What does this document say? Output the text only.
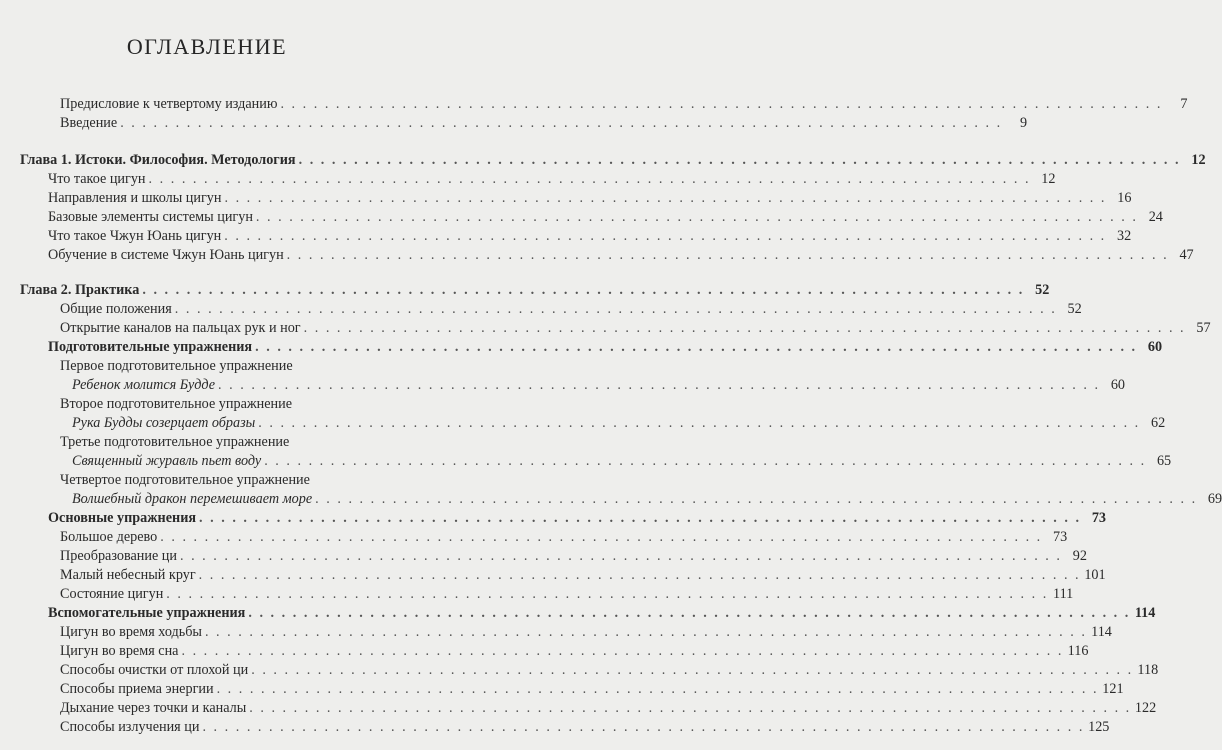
ОГЛАВЛЕНИЕ
Предисловие к четвертому изданию . . . . . . . . . . . . . . . . . . . . . . . . . . . . . . . . . . . . . . . . . . . . . . . . . . . . . . . . . . . . . . . . . . . . . . . . . . . . . . . .	7
Введение . . . . . . . . . . . . . . . . . . . . . . . . . . . . . . . . . . . . . . . . . . . . . . . . . . . . . . . . . . . . . . . . . . . . . . . . . . . . . . . .	9
Глава 1. Истоки. Философия. Методология . . . . . . . . . . . . . . . . . . . . . . . . . . . . . . . . . . . . . . . . . . . . . . . . . . . . . . . . . . . . . . . . . . . . . . . . . . . . . . . . 12
Что такое цигун . . . . . . . . . . . . . . . . . . . . . . . . . . . . . . . . . . . . . . . . . . . . . . . . . . . . . . . . . . . . . . . . . . . . . . . . . . . . . . . . 12
Направления и школы цигун . . . . . . . . . . . . . . . . . . . . . . . . . . . . . . . . . . . . . . . . . . . . . . . . . . . . . . . . . . . . . . . . . . . . . . . . . . . . . . . . 16
Базовые элементы системы цигун . . . . . . . . . . . . . . . . . . . . . . . . . . . . . . . . . . . . . . . . . . . . . . . . . . . . . . . . . . . . . . . . . . . . . . . . . . . . . . . . 24
Что такое Чжун Юань цигун . . . . . . . . . . . . . . . . . . . . . . . . . . . . . . . . . . . . . . . . . . . . . . . . . . . . . . . . . . . . . . . . . . . . . . . . . . . . . . . . 32
Обучение в системе Чжун Юань цигун . . . . . . . . . . . . . . . . . . . . . . . . . . . . . . . . . . . . . . . . . . . . . . . . . . . . . . . . . . . . . . . . . . . . . . . . . . . . . . . . 47
Глава 2. Практика . . . . . . . . . . . . . . . . . . . . . . . . . . . . . . . . . . . . . . . . . . . . . . . . . . . . . . . . . . . . . . . . . . . . . . . . . . . . . . . . 52
Общие положения . . . . . . . . . . . . . . . . . . . . . . . . . . . . . . . . . . . . . . . . . . . . . . . . . . . . . . . . . . . . . . . . . . . . . . . . . . . . . . . . 52
Открытие каналов на пальцах рук и ног . . . . . . . . . . . . . . . . . . . . . . . . . . . . . . . . . . . . . . . . . . . . . . . . . . . . . . . . . . . . . . . . . . . . . . . . . . . . . . . . 57
Подготовительные упражнения . . . . . . . . . . . . . . . . . . . . . . . . . . . . . . . . . . . . . . . . . . . . . . . . . . . . . . . . . . . . . . . . . . . . . . . . . . . . . . . . 60
Первое подготовительное упражнение
Ребенок молится Будде . . . . . . . . . . . . . . . . . . . . . . . . . . . . . . . . . . . . . . . . . . . . . . . . . . . . . . . . . . . . . . . . . . . . . . . . . . . . . . . . 60
Второе подготовительное упражнение
Рука Будды созерцает образы . . . . . . . . . . . . . . . . . . . . . . . . . . . . . . . . . . . . . . . . . . . . . . . . . . . . . . . . . . . . . . . . . . . . . . . . . . . . . . . . 62
Третье подготовительное упражнение
Священный журавль пьет воду . . . . . . . . . . . . . . . . . . . . . . . . . . . . . . . . . . . . . . . . . . . . . . . . . . . . . . . . . . . . . . . . . . . . . . . . . . . . . . . . 65
Четвертое подготовительное упражнение
Волшебный дракон перемешивает море . . . . . . . . . . . . . . . . . . . . . . . . . . . . . . . . . . . . . . . . . . . . . . . . . . . . . . . . . . . . . . . . . . . . . . . . . . . . . . . . 69
Основные упражнения . . . . . . . . . . . . . . . . . . . . . . . . . . . . . . . . . . . . . . . . . . . . . . . . . . . . . . . . . . . . . . . . . . . . . . . . . . . . . . . . 73
Большое дерево . . . . . . . . . . . . . . . . . . . . . . . . . . . . . . . . . . . . . . . . . . . . . . . . . . . . . . . . . . . . . . . . . . . . . . . . . . . . . . . . 73
Преобразование ци . . . . . . . . . . . . . . . . . . . . . . . . . . . . . . . . . . . . . . . . . . . . . . . . . . . . . . . . . . . . . . . . . . . . . . . . . . . . . . . . 92
Малый небесный круг . . . . . . . . . . . . . . . . . . . . . . . . . . . . . . . . . . . . . . . . . . . . . . . . . . . . . . . . . . . . . . . . . . . . . . . . . . . . . . . . 101
Состояние цигун . . . . . . . . . . . . . . . . . . . . . . . . . . . . . . . . . . . . . . . . . . . . . . . . . . . . . . . . . . . . . . . . . . . . . . . . . . . . . . . . 111
Вспомогательные упражнения . . . . . . . . . . . . . . . . . . . . . . . . . . . . . . . . . . . . . . . . . . . . . . . . . . . . . . . . . . . . . . . . . . . . . . . . . . . . . . . . 114
Цигун во время ходьбы . . . . . . . . . . . . . . . . . . . . . . . . . . . . . . . . . . . . . . . . . . . . . . . . . . . . . . . . . . . . . . . . . . . . . . . . . . . . . . . . 114
Цигун во время сна . . . . . . . . . . . . . . . . . . . . . . . . . . . . . . . . . . . . . . . . . . . . . . . . . . . . . . . . . . . . . . . . . . . . . . . . . . . . . . . . 116
Способы очистки от плохой ци . . . . . . . . . . . . . . . . . . . . . . . . . . . . . . . . . . . . . . . . . . . . . . . . . . . . . . . . . . . . . . . . . . . . . . . . . . . . . . . . 118
Способы приема энергии . . . . . . . . . . . . . . . . . . . . . . . . . . . . . . . . . . . . . . . . . . . . . . . . . . . . . . . . . . . . . . . . . . . . . . . . . . . . . . . . 121
Дыхание через точки и каналы . . . . . . . . . . . . . . . . . . . . . . . . . . . . . . . . . . . . . . . . . . . . . . . . . . . . . . . . . . . . . . . . . . . . . . . . . . . . . . . . 122
Способы излучения ци . . . . . . . . . . . . . . . . . . . . . . . . . . . . . . . . . . . . . . . . . . . . . . . . . . . . . . . . . . . . . . . . . . . . . . . . . . . . . . . . 125
